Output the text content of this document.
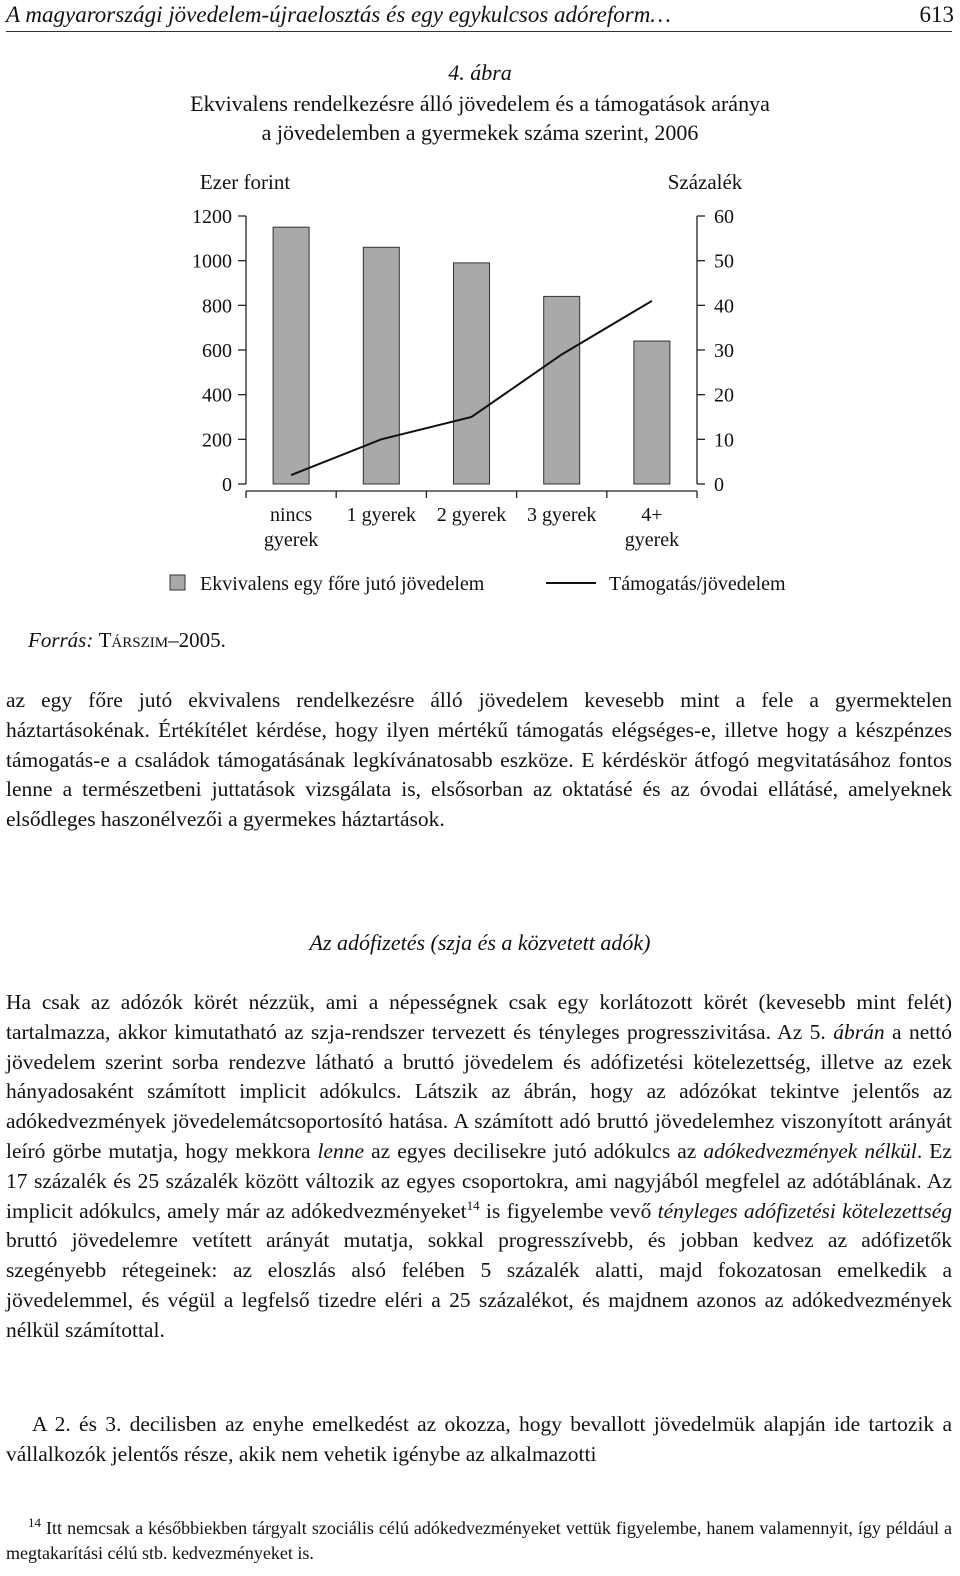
A magyarországi jövedelem-újraelosztás és egy egykulcsos adóreform…	613
4. ábra
Ekvivalens rendelkezésre álló jövedelem és a támogatások aránya
a jövedelemben a gyermekek száma szerint, 2006
Ezer forint	Százalék
0
200
400
600
800
1000
1200
0
10
20
30
40
50
60
nincs
gyerek
1 gyerek 2 gyerek 3 gyerek 4+
gyerek
Ekvivalens egy főre jutó jövedelem	Támogatás/jövedelem
Forrás: Társzim–2005.

az egy főre jutó ekvivalens rendelkezésre álló jövedelem kevesebb mint a fele a gyermektelen háztartásokénak. Értékítélet kérdése, hogy ilyen mértékű támogatás elégséges-e, illetve hogy a készpénzes támogatás-e a családok támogatásának legkívánatosabb eszköze. E kérdéskör átfogó megvitatásához fontos lenne a természetbeni juttatások vizsgálata is, elsősorban az oktatásé és az óvodai ellátásé, amelyeknek elsődleges haszonélvezői a gyermekes háztartások.

Az adófizetés (szja és a közvetett adók)

Ha csak az adózók körét nézzük, ami a népességnek csak egy korlátozott körét (kevesebb mint felét) tartalmazza, akkor kimutatható az szja-rendszer tervezett és tényleges progresszivitása. Az 5. ábrán a nettó jövedelem szerint sorba rendezve látható a bruttó jövedelem és adófizetési kötelezettség, illetve az ezek hányadosaként számított implicit adókulcs. Látszik az ábrán, hogy az adózókat tekintve jelentős az adókedvezmények jövedelemátcsoportosító hatása. A számított adó bruttó jövedelemhez viszonyított arányát leíró görbe mutatja, hogy mekkora lenne az egyes decilisekre jutó adókulcs az adókedvezmények nélkül. Ez 17 százalék és 25 százalék között változik az egyes csoportokra, ami nagyjából megfelel az adótáblának. Az implicit adókulcs, amely már az adókedvezményeket$^{14}$ is figyelembe vevő tényleges adófizetési kötelezettség bruttó jövedelemre vetített arányát mutatja, sokkal progresszívebb, és jobban kedvez az adófizetők szegényebb rétegeinek: az eloszlás alsó felében 5 százalék alatti, majd fokozatosan emelkedik a jövedelemmel, és végül a legfelső tizedre eléri a 25 százalékot, és majdnem azonos az adókedvezmények nélkül számítottal.

A 2. és 3. decilisben az enyhe emelkedést az okozza, hogy bevallott jövedelmük alapján ide tartozik a vállalkozók jelentős része, akik nem vehetik igénybe az alkalmazotti

$^{14}$ Itt nemcsak a későbbiekben tárgyalt szociális célú adókedvezményeket vettük figyelembe, hanem valamennyit, így például a megtakarítási célú stb. kedvezményeket is.
